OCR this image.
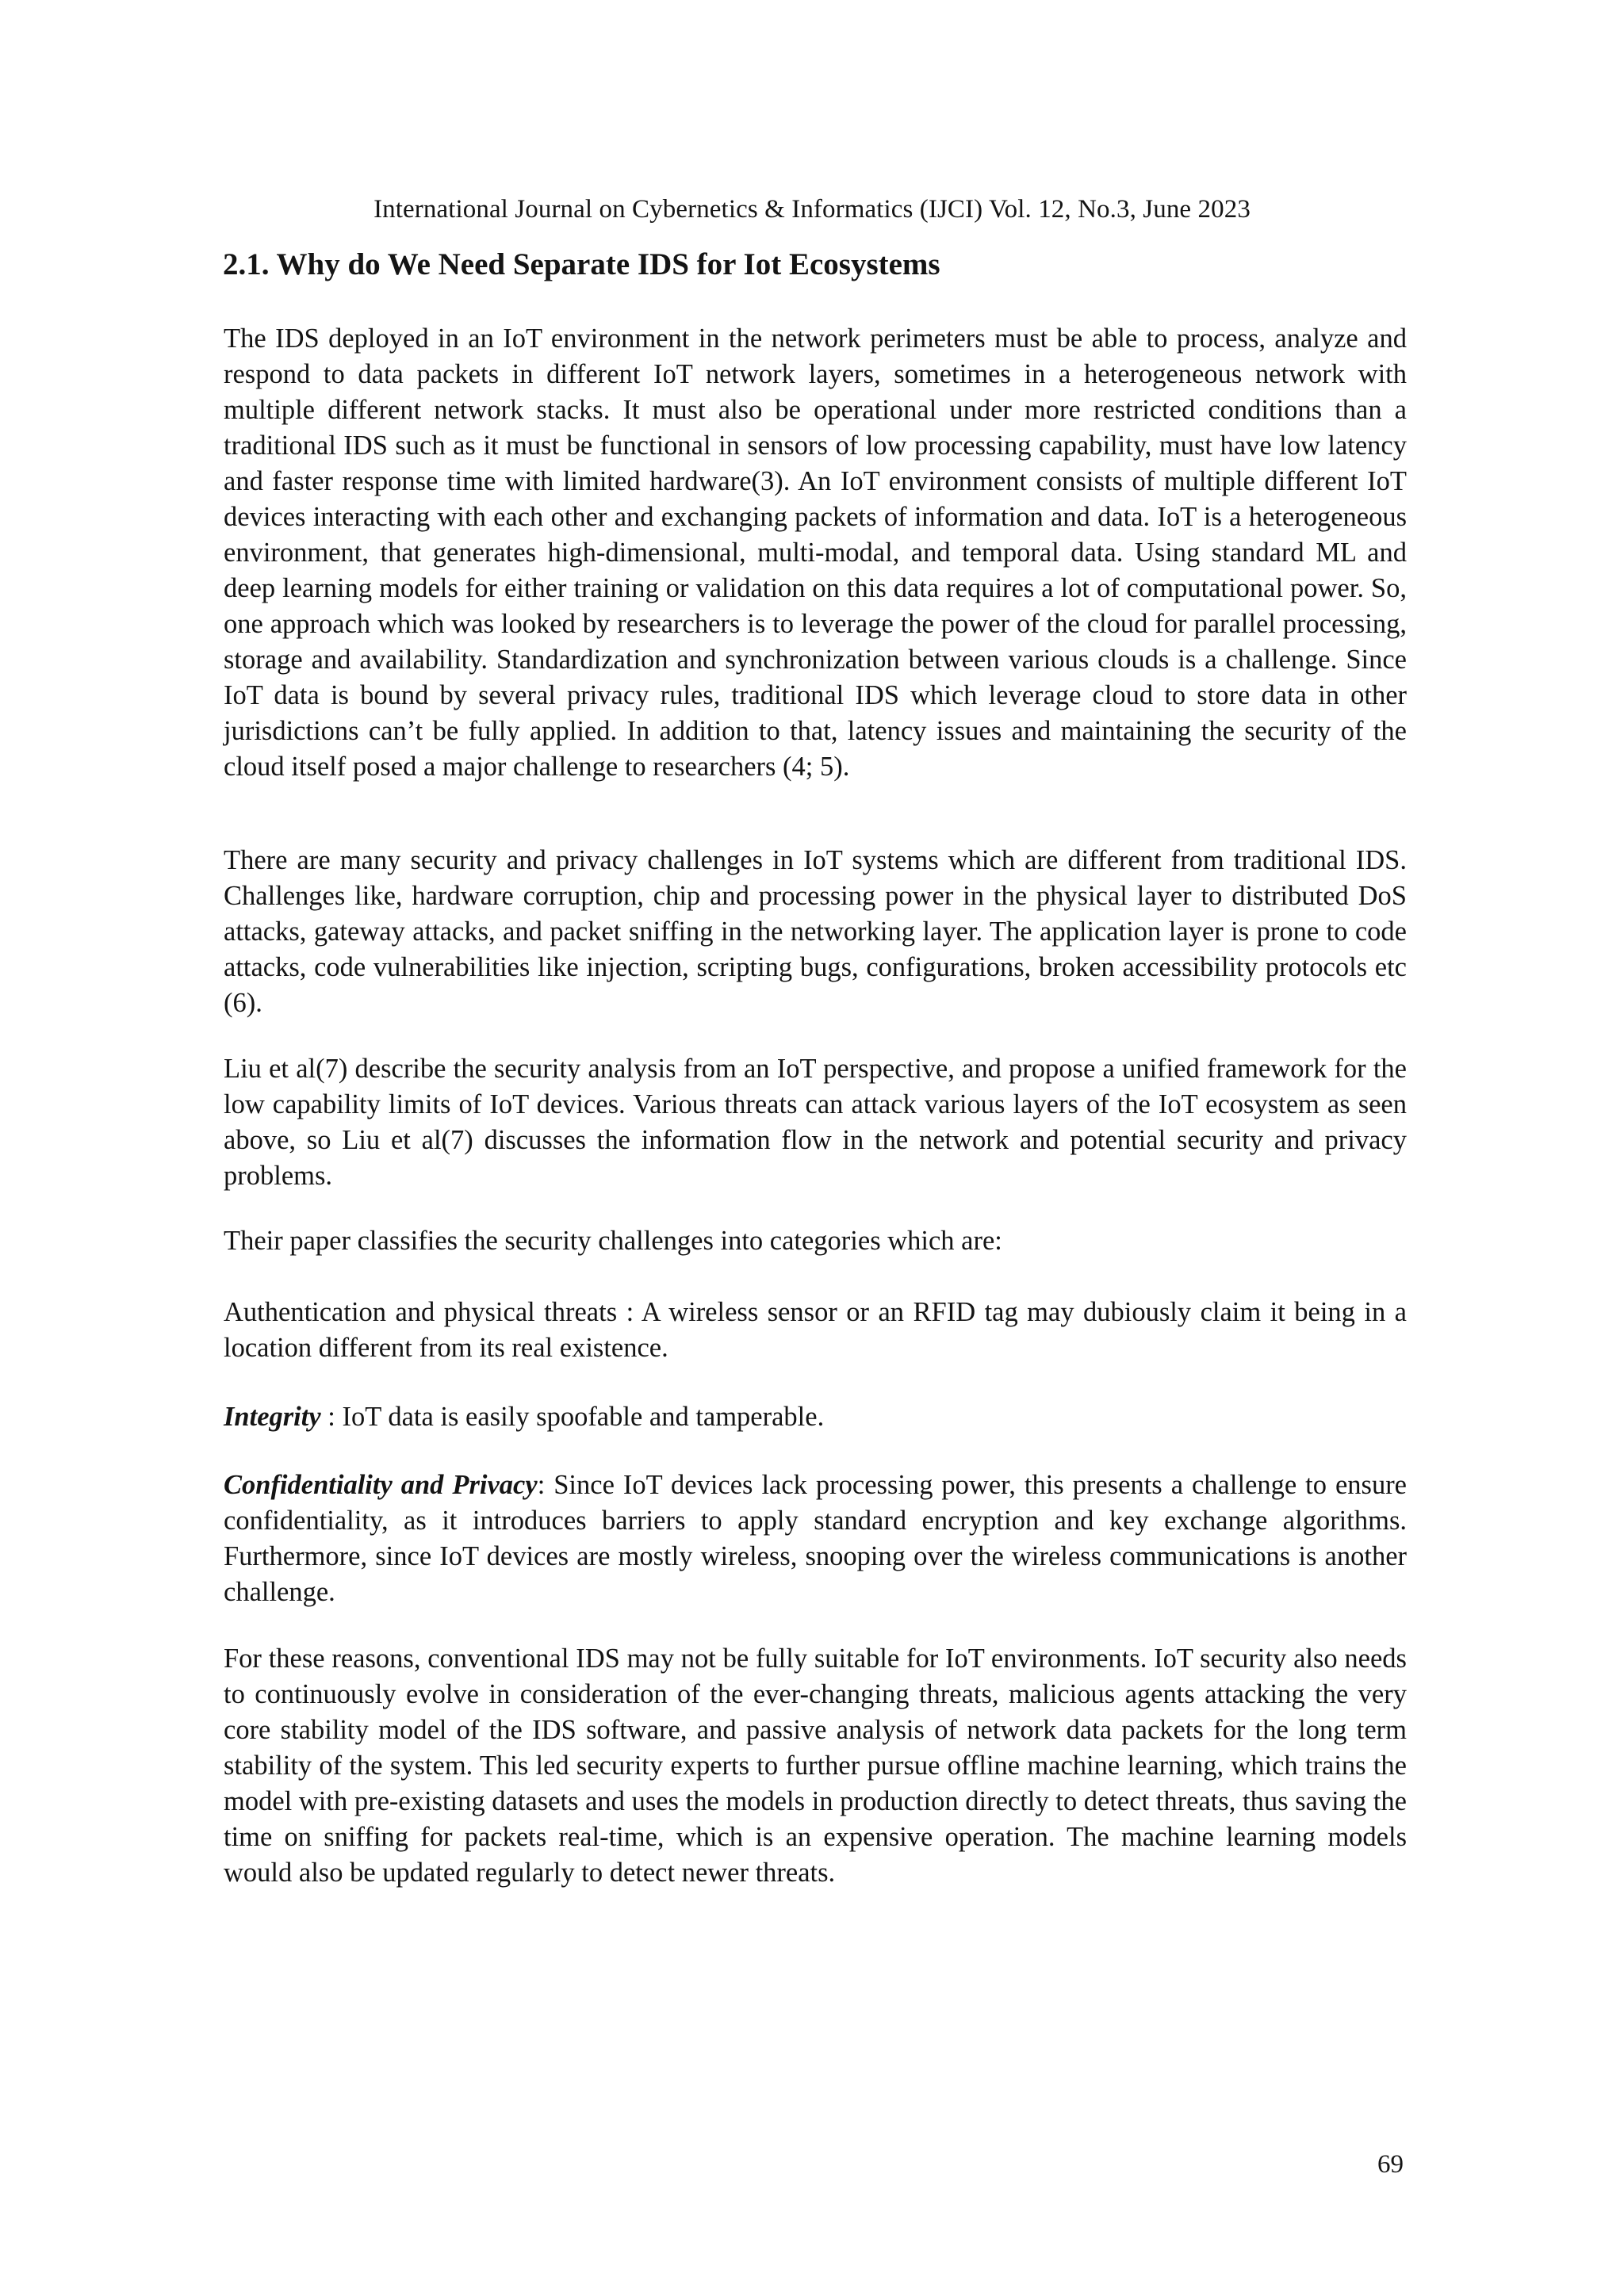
International Journal on Cybernetics & Informatics (IJCI) Vol. 12, No.3, June 2023
2.1. Why do We Need Separate IDS for Iot Ecosystems

The IDS deployed in an IoT environment in the network perimeters must be able to process, analyze and respond to data packets in different IoT network layers, sometimes in a heterogeneous network with multiple different network stacks. It must also be operational under more restricted conditions than a traditional IDS such as it must be functional in sensors of low processing capability, must have low latency and faster response time with limited hardware(3). An IoT environment consists of multiple different IoT devices interacting with each other and exchanging packets of information and data. IoT is a heterogeneous environment, that generates high-dimensional, multi-modal, and temporal data. Using standard ML and deep learning models for either training or validation on this data requires a lot of computational power. So, one approach which was looked by researchers is to leverage the power of the cloud for parallel processing, storage and availability. Standardization and synchronization between various clouds is a challenge. Since IoT data is bound by several privacy rules, traditional IDS which leverage cloud to store data in other jurisdictions can’t be fully applied. In addition to that, latency issues and maintaining the security of the cloud itself posed a major challenge to researchers (4; 5).

There are many security and privacy challenges in IoT systems which are different from traditional IDS. Challenges like, hardware corruption, chip and processing power in the physical layer to distributed DoS attacks, gateway attacks, and packet sniffing in the networking layer. The application layer is prone to code attacks, code vulnerabilities like injection, scripting bugs, configurations, broken accessibility protocols etc (6).

Liu et al(7) describe the security analysis from an IoT perspective, and propose a unified framework for the low capability limits of IoT devices. Various threats can attack various layers of the IoT ecosystem as seen above, so Liu et al(7) discusses the information flow in the network and potential security and privacy problems.

Their paper classifies the security challenges into categories which are:

Authentication and physical threats : A wireless sensor or an RFID tag may dubiously claim it being in a location different from its real existence.

Integrity : IoT data is easily spoofable and tamperable.

Confidentiality and Privacy: Since IoT devices lack processing power, this presents a challenge to ensure confidentiality, as it introduces barriers to apply standard encryption and key exchange algorithms. Furthermore, since IoT devices are mostly wireless, snooping over the wireless communications is another challenge.

For these reasons, conventional IDS may not be fully suitable for IoT environments. IoT security also needs to continuously evolve in consideration of the ever-changing threats, malicious agents attacking the very core stability model of the IDS software, and passive analysis of network data packets for the long term stability of the system. This led security experts to further pursue offline machine learning, which trains the model with pre-existing datasets and uses the models in production directly to detect threats, thus saving the time on sniffing for packets real-time, which is an expensive operation. The machine learning models would also be updated regularly to detect newer threats.

69
